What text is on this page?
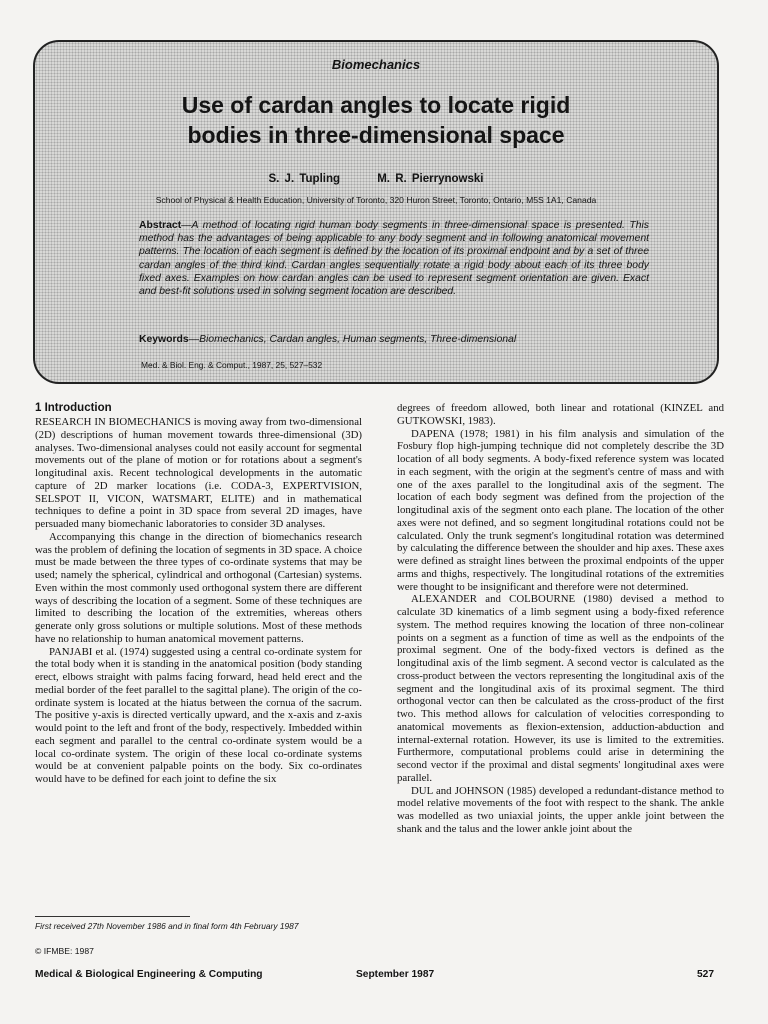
Biomechanics
Use of cardan angles to locate rigid
bodies in three-dimensional space
S. J. Tupling	M. R. Pierrynowski
School of Physical & Health Education, University of Toronto, 320 Huron Street, Toronto, Ontario, M5S 1A1, Canada

Abstract—A method of locating rigid human body segments in three-dimensional space is presented. This method has the advantages of being applicable to any body segment and in following anatomical movement patterns. The location of each segment is defined by the location of its proximal endpoint and by a set of three cardan angles of the third kind. Cardan angles sequentially rotate a rigid body about each of its three body fixed axes. Examples on how cardan angles can be used to represent segment orientation are given. Exact and best-fit solutions used in solving segment location are described.

Keywords—Biomechanics, Cardan angles, Human segments, Three-dimensional
Med. & Biol. Eng. & Comput., 1987, 25, 527–532
1 Introduction

RESEARCH IN BIOMECHANICS is moving away from two-dimensional (2D) descriptions of human movement towards three-dimensional (3D) analyses. Two-dimensional analyses could not easily account for segmental movements out of the plane of motion or for rotations about a segment's longitudinal axis. Recent technological developments in the automatic capture of 2D marker locations (i.e. CODA-3, EXPERTVISION, SELSPOT II, VICON, WATSMART, ELITE) and in mathematical techniques to define a point in 3D space from several 2D images, have persuaded many biomechanic laboratories to consider 3D analyses.

Accompanying this change in the direction of biomechanics research was the problem of defining the location of segments in 3D space. A choice must be made between the three types of co-ordinate systems that may be used; namely the spherical, cylindrical and orthogonal (Cartesian) systems. Even within the most commonly used orthogonal system there are different ways of describing the location of a segment. Some of these techniques are limited to describing the location of the extremities, whereas others generate only gross solutions or multiple solutions. Most of these methods have no relationship to human anatomical movement patterns.

PANJABI et al. (1974) suggested using a central co-ordinate system for the total body when it is standing in the anatomical position (body standing erect, elbows straight with palms facing forward, head held erect and the medial border of the feet parallel to the sagittal plane). The origin of the co-ordinate system is located at the hiatus between the cornua of the sacrum. The positive y-axis is directed vertically upward, and the x-axis and z-axis would point to the left and front of the body, respectively. Imbedded within each segment and parallel to the central co-ordinate system would be a local co-ordinate system. The origin of these local co-ordinate systems would be at convenient palpable points on the body. Six co-ordinates would have to be defined for each joint to define the six

degrees of freedom allowed, both linear and rotational (KINZEL and GUTKOWSKI, 1983).

DAPENA (1978; 1981) in his film analysis and simulation of the Fosbury flop high-jumping technique did not completely describe the 3D location of all body segments. A body-fixed reference system was located in each segment, with the origin at the segment's centre of mass and with one of the axes parallel to the longitudinal axis of the segment. The location of each body segment was defined from the projection of the longitudinal axis of the segment onto each plane. The location of the other axes were not defined, and so segment longitudinal rotations could not be calculated. Only the trunk segment's longitudinal rotation was determined by calculating the difference between the shoulder and hip axes. These axes were defined as straight lines between the proximal endpoints of the upper arms and thighs, respectively. The longitudinal rotations of the extremities were thought to be insignificant and therefore were not determined.

ALEXANDER and COLBOURNE (1980) devised a method to calculate 3D kinematics of a limb segment using a body-fixed reference system. The method requires knowing the location of three non-colinear points on a segment as a function of time as well as the endpoints of the proximal segment. One of the body-fixed vectors is defined as the longitudinal axis of the limb segment. A second vector is calculated as the cross-product between the vectors representing the longitudinal axis of the segment and the longitudinal axis of its proximal segment. The third orthogonal vector can then be calculated as the cross-product of the first two. This method allows for calculation of velocities corresponding to anatomical movements as flexion-extension, adduction-abduction and internal-external rotation. However, its use is limited to the extremities. Furthermore, computational problems could arise in determining the second vector if the proximal and distal segments' longitudinal axes were parallel.

DUL and JOHNSON (1985) developed a redundant-distance method to model relative movements of the foot with respect to the shank. The ankle was modelled as two uniaxial joints, the upper ankle joint between the shank and the talus and the lower ankle joint about the

First received 27th November 1986 and in final form 4th February 1987
© IFMBE: 1987
Medical & Biological Engineering & Computing	September 1987	527
